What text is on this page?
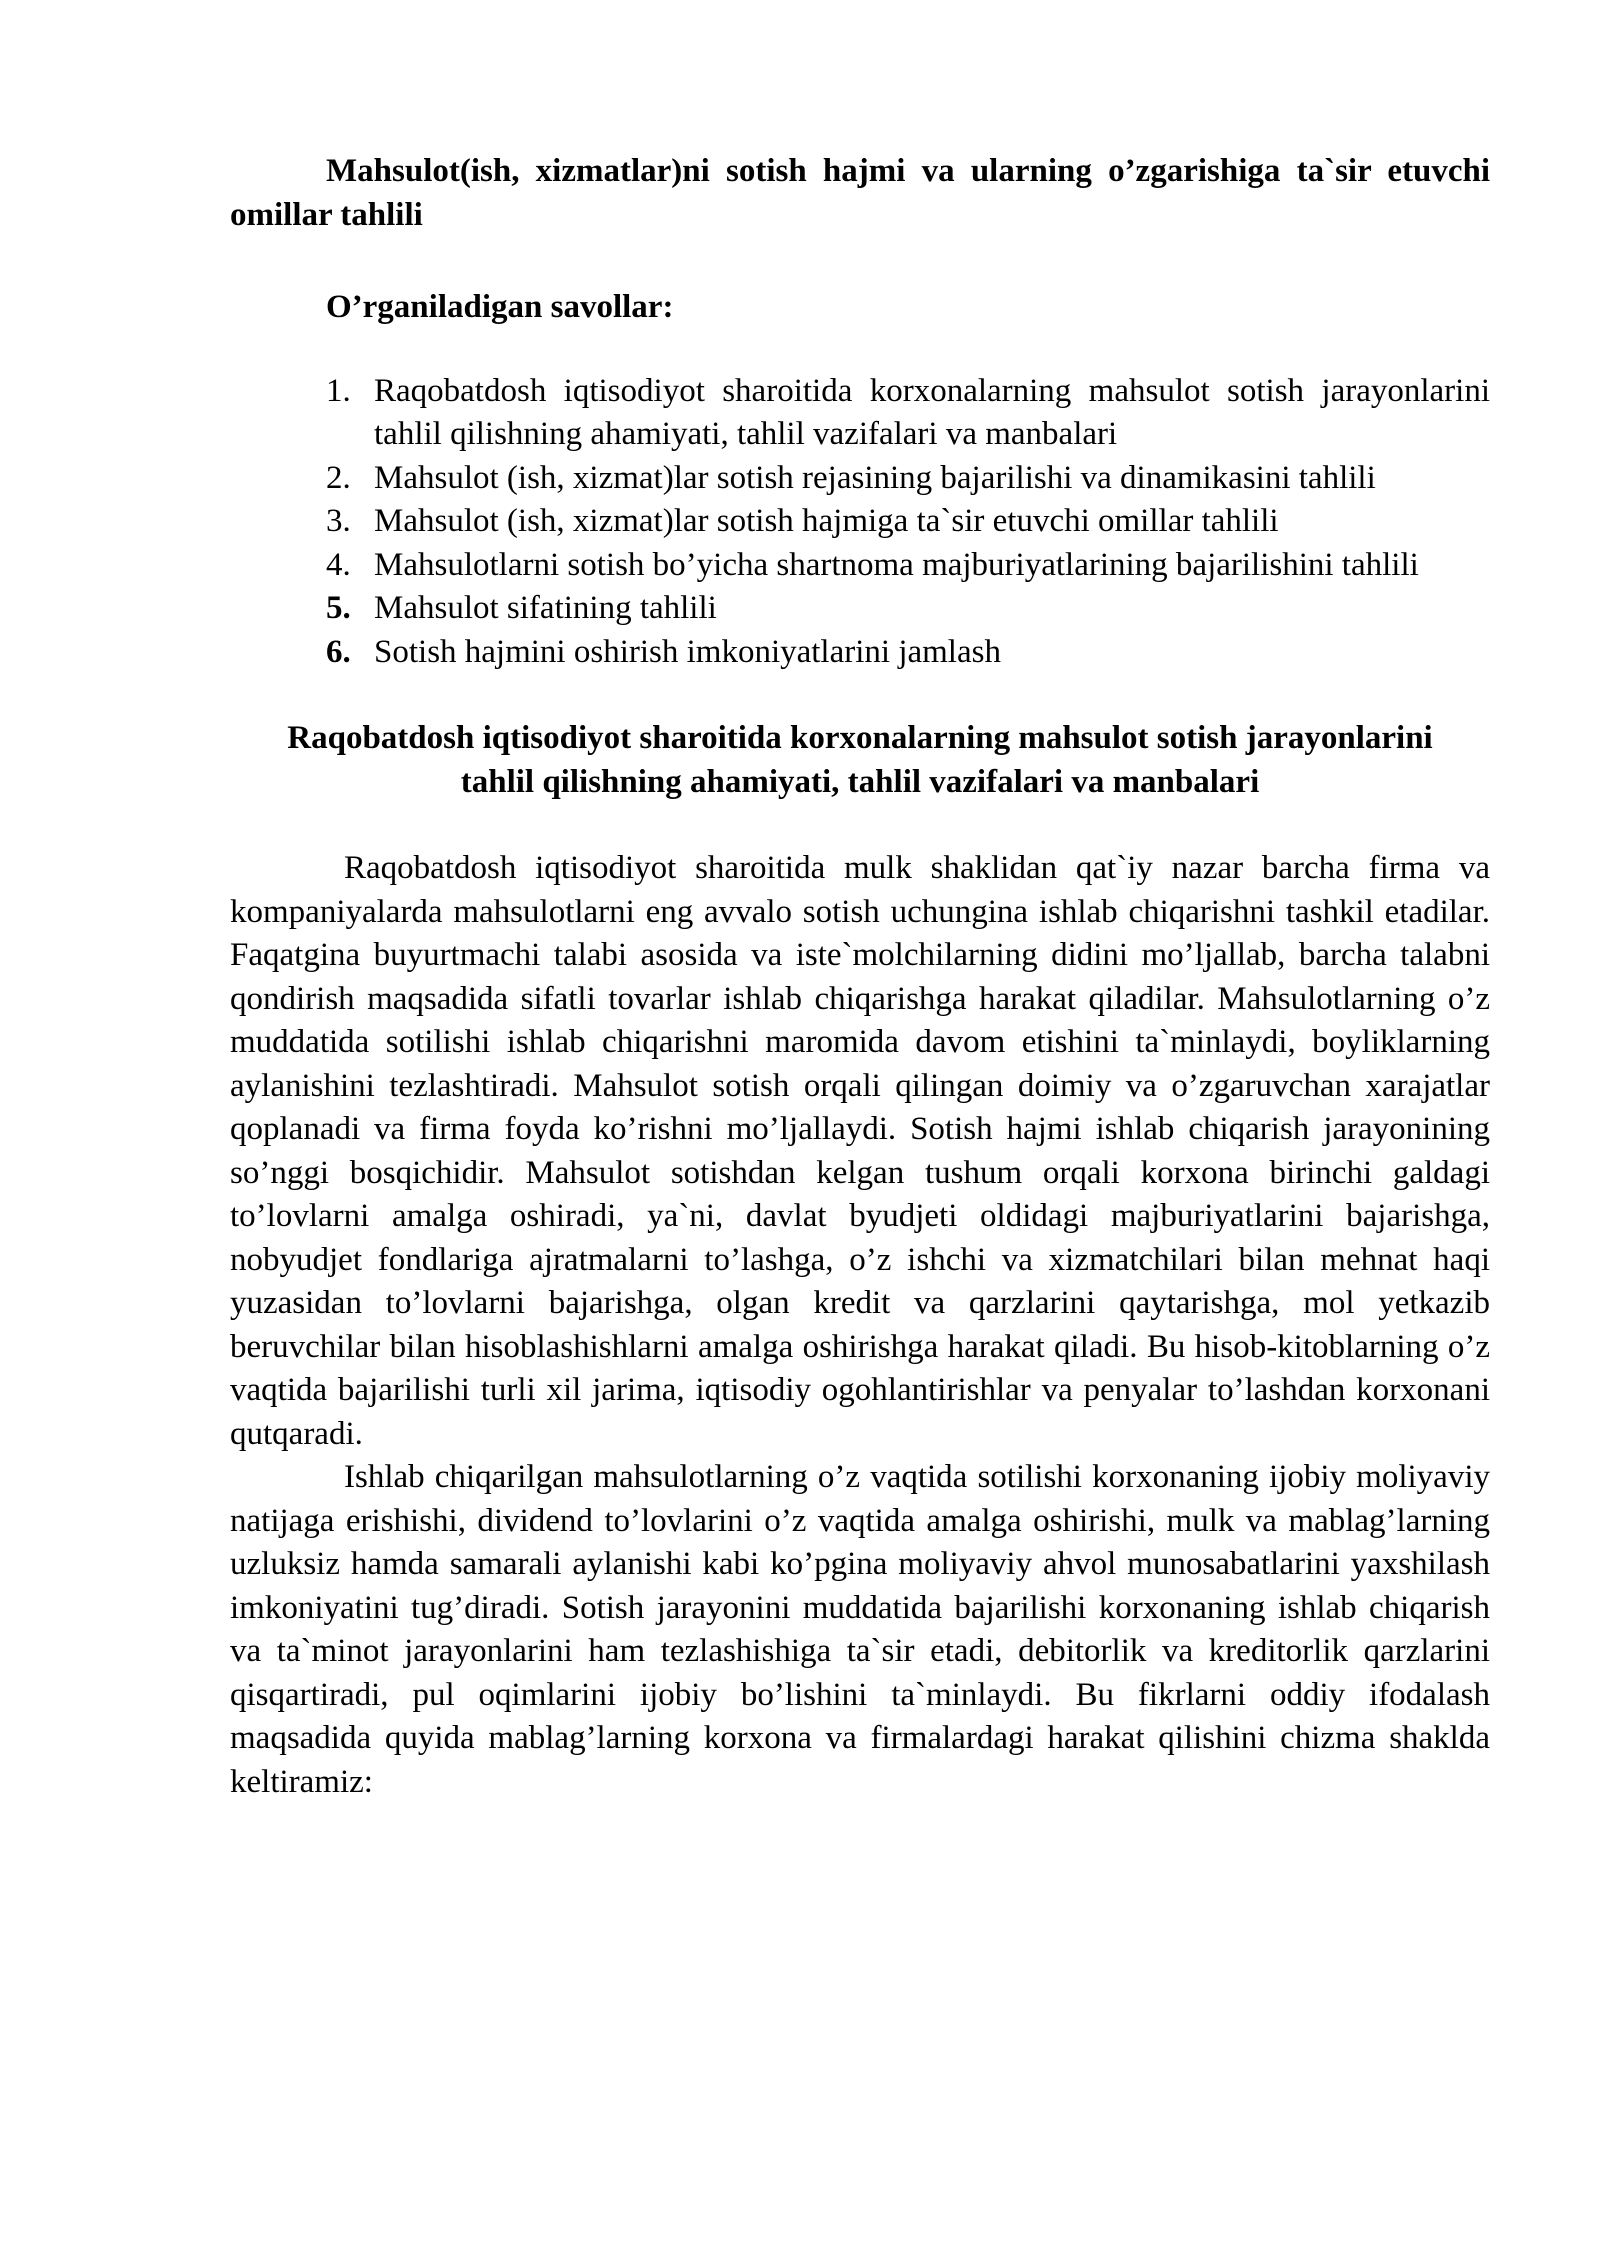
Mahsulot(ish, xizmatlar)ni sotish hajmi va ularning o’zgarishiga ta`sir etuvchi omillar tahlili

O’rganiladigan savollar:

1. Raqobatdosh iqtisodiyot sharoitida korxonalarning mahsulot sotish jarayonlarini tahlil qilishning ahamiyati, tahlil vazifalari va manbalari
2. Mahsulot (ish, xizmat)lar sotish rejasining bajarilishi va dinamikasini tahlili
3. Mahsulot (ish, xizmat)lar sotish hajmiga ta`sir etuvchi omillar tahlili
4. Mahsulotlarni sotish bo’yicha shartnoma majburiyatlarining bajarilishini tahlili
5. Mahsulot sifatining tahlili
6. Sotish hajmini oshirish imkoniyatlarini jamlash

Raqobatdosh iqtisodiyot sharoitida korxonalarning mahsulot sotish jarayonlarini tahlil qilishning ahamiyati, tahlil vazifalari va manbalari

Raqobatdosh iqtisodiyot sharoitida mulk shaklidan qat`iy nazar barcha firma va kompaniyalarda mahsulotlarni eng avvalo sotish uchungina ishlab chiqarishni tashkil etadilar. Faqatgina buyurtmachi talabi asosida va iste`molchilarning didini mo’ljallab, barcha talabni qondirish maqsadida sifatli tovarlar ishlab chiqarishga harakat qiladilar. Mahsulotlarning o’z muddatida sotilishi ishlab chiqarishni maromida davom etishini ta`minlaydi, boyliklarning aylanishini tezlashtiradi. Mahsulot sotish orqali qilingan doimiy va o’zgaruvchan xarajatlar qoplanadi va firma foyda ko’rishni mo’ljallaydi. Sotish hajmi ishlab chiqarish jarayonining so’nggi bosqichidir. Mahsulot sotishdan kelgan tushum orqali korxona birinchi galdagi to’lovlarni amalga oshiradi, ya`ni, davlat byudjeti oldidagi majburiyatlarini bajarishga, nobyudjet fondlariga ajratmalarni to’lashga, o’z ishchi va xizmatchilari bilan mehnat haqi yuzasidan to’lovlarni bajarishga, olgan kredit va qarzlarini qaytarishga, mol yetkazib beruvchilar bilan hisoblashishlarni amalga oshirishga harakat qiladi. Bu hisob-kitoblarning o’z vaqtida bajarilishi turli xil jarima, iqtisodiy ogohlantirishlar va penyalar to’lashdan korxonani qutqaradi.

Ishlab chiqarilgan mahsulotlarning o’z vaqtida sotilishi korxonaning ijobiy moliyaviy natijaga erishishi, dividend to’lovlarini o’z vaqtida amalga oshirishi, mulk va mablag’larning uzluksiz hamda samarali aylanishi kabi ko’pgina moliyaviy ahvol munosabatlarini yaxshilash imkoniyatini tug’diradi. Sotish jarayonini muddatida bajarilishi korxonaning ishlab chiqarish va ta`minot jarayonlarini ham tezlashishiga ta`sir etadi, debitorlik va kreditorlik qarzlarini qisqartiradi, pul oqimlarini ijobiy bo’lishini ta`minlaydi. Bu fikrlarni oddiy ifodalash maqsadida quyida mablag’larning korxona va firmalardagi harakat qilishini chizma shaklda keltiramiz:
